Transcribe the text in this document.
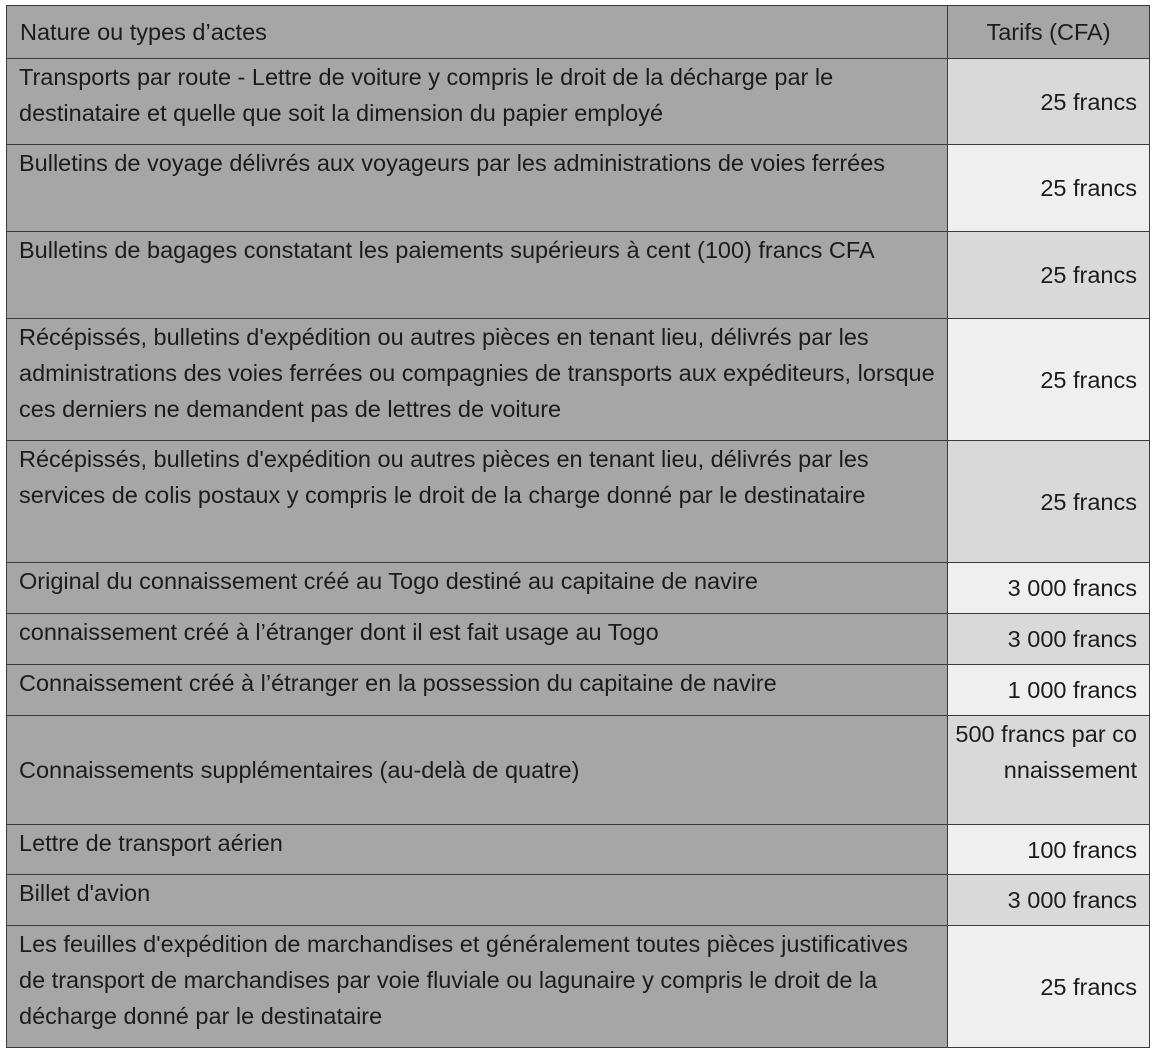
Nature ou types d’actes	Tarifs (CFA)
Transports par route - Lettre de voiture y compris le droit de la décharge par le destinataire et quelle que soit la dimension du papier employé	25 francs
Bulletins de voyage délivrés aux voyageurs par les administrations de voies ferrées	25 francs
Bulletins de bagages constatant les paiements supérieurs à cent (100) francs CFA	25 francs
Récépissés, bulletins d'expédition ou autres pièces en tenant lieu, délivrés par les administrations des voies ferrées ou compagnies de transports aux expéditeurs, lorsque ces derniers ne demandent pas de lettres de voiture	25 francs
Récépissés, bulletins d'expédition ou autres pièces en tenant lieu, délivrés par les services de colis postaux y compris le droit de la charge donné par le destinataire	25 francs
Original du connaissement créé au Togo destiné au capitaine de navire	3 000 francs
connaissement créé à l’étranger dont il est fait usage au Togo	3 000 francs
Connaissement créé à l’étranger en la possession du capitaine de navire	1 000 francs
Connaissements supplémentaires (au-delà de quatre)	500 francs par connaissement
Lettre de transport aérien	100 francs
Billet d'avion	3 000 francs
Les feuilles d'expédition de marchandises et généralement toutes pièces justificatives de transport de marchandises par voie fluviale ou lagunaire y compris le droit de la décharge donné par le destinataire	25 francs
